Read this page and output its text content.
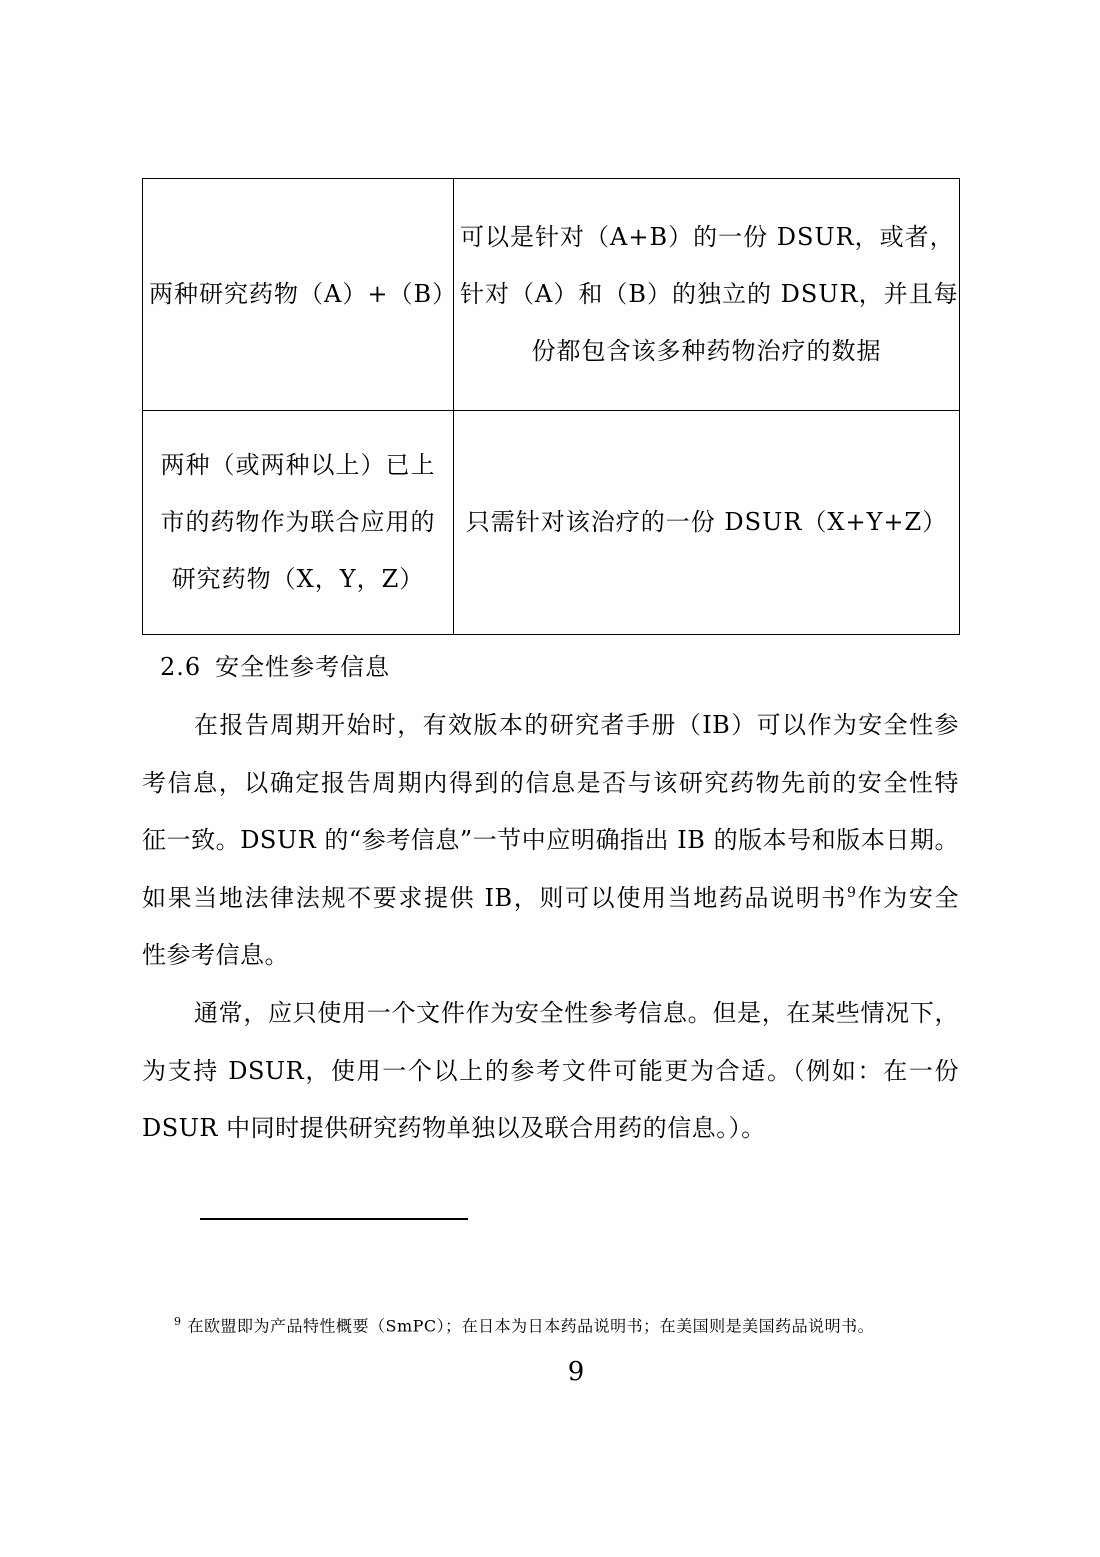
两种研究药物（A）+（B）	可以是针对（A+B）的一份 DSUR，或者，
针对（A）和（B）的独立的 DSUR，并且每
份都包含该多种药物治疗的数据

两种（或两种以上）已上
市的药物作为联合应用的
研究药物（X，Y，Z）	只需针对该治疗的一份 DSUR（X+Y+Z）
2.6 安全性参考信息

在报告周期开始时，有效版本的研究者手册（IB）可以作为安全性参
考信息，以确定报告周期内得到的信息是否与该研究药物先前的安全性特
征一致。DSUR 的“参考信息”一节中应明确指出 IB 的版本号和版本日期。
如果当地法律法规不要求提供 IB，则可以使用当地药品说明书$^9$作为安全
性参考信息。

通常，应只使用一个文件作为安全性参考信息。但是，在某些情况下，
为支持 DSUR，使用一个以上的参考文件可能更为合适。（例如：在一份
DSUR 中同时提供研究药物单独以及联合用药的信息。）。

$^9$ 在欧盟即为产品特性概要（SmPC）；在日本为日本药品说明书；在美国则是美国药品说明书。
9
